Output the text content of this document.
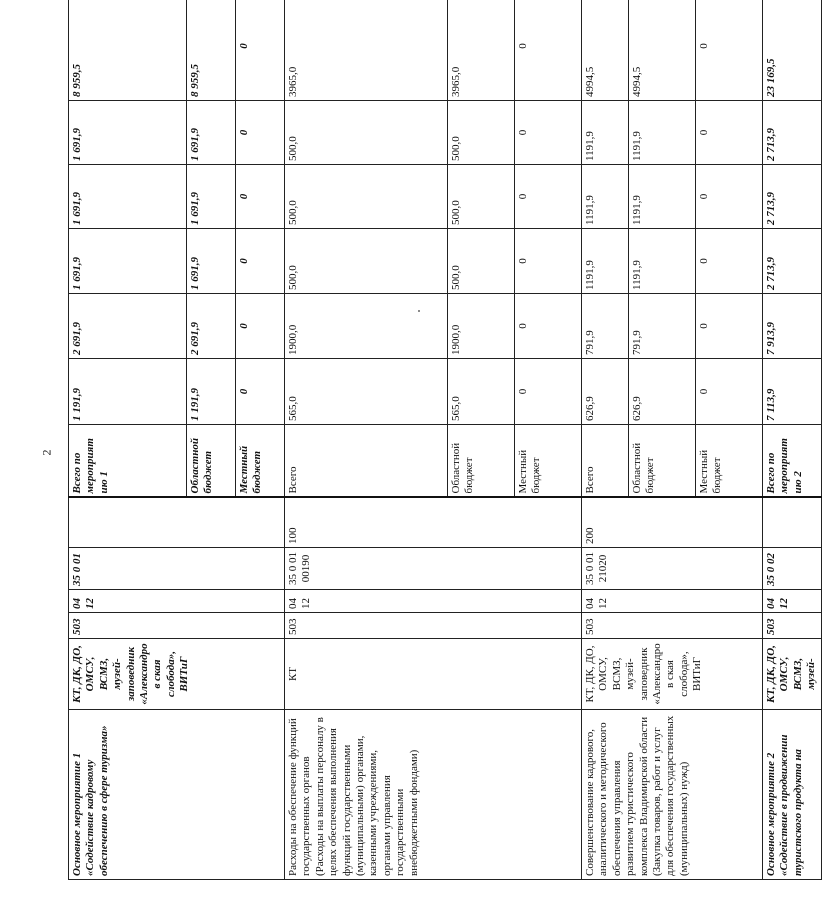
2
Основное мероприятие 1 «Содействие кадровому обеспечению в сфере туризма»	КТ, ДК, ДО, ОМСУ, ВСМЗ, музей-заповедник «Александров ская слобода», ВИТиГ	503	04 12	35 0 01		Всего по мероприят ию 1	1 191,9	2 691,9	1 691,9	1 691,9	1 691,9	8 959,5
						Областной бюджет	1 191,9	2 691,9	1 691,9	1 691,9	1 691,9	8 959,5
						Местный бюджет	0	0	0	0	0	0
Расходы на обеспечение функций государственных органов (Расходы на выплаты персоналу в целях обеспечения выполнения функций государственными (муниципальными) органами, казенными учреждениями, органами управления государственными внебюджетными фондами)	КТ	503	04 12	35 0 01 00190	100	Всего	565,0	1900,0	500,0	500,0	500,0	3965,0
						Областной бюджет	565,0	1900,0	500,0	500,0	500,0	3965,0
						Местный бюджет	0	0	0	0	0	0
Совершенствование кадрового, аналитического и методического обеспечения управления развитием туристического комплекса Владимирской области (Закупка товаров, работ и услуг для обеспечения государственных (муниципальных) нужд)	КТ, ДК, ДО, ОМСУ, ВСМЗ, музей-заповедник «Александров ская слобода», ВИТиГ	503	04 12	35 0 01 21020	200	Всего	626,9	791,9	1191,9	1191,9	1191,9	4994,5
						Областной бюджет	626,9	791,9	1191,9	1191,9	1191,9	4994,5
						Местный бюджет	0	0	0	0	0	0
Основное мероприятие 2 «Содействие в продвижении туристского продукта на	КТ, ДК, ДО, ОМСУ, ВСМЗ, музей-	503	04 12	35 0 02		Всего по мероприят ию 2	7 113,9	7 913,9	2 713,9	2 713,9	2 713,9	23 169,5
